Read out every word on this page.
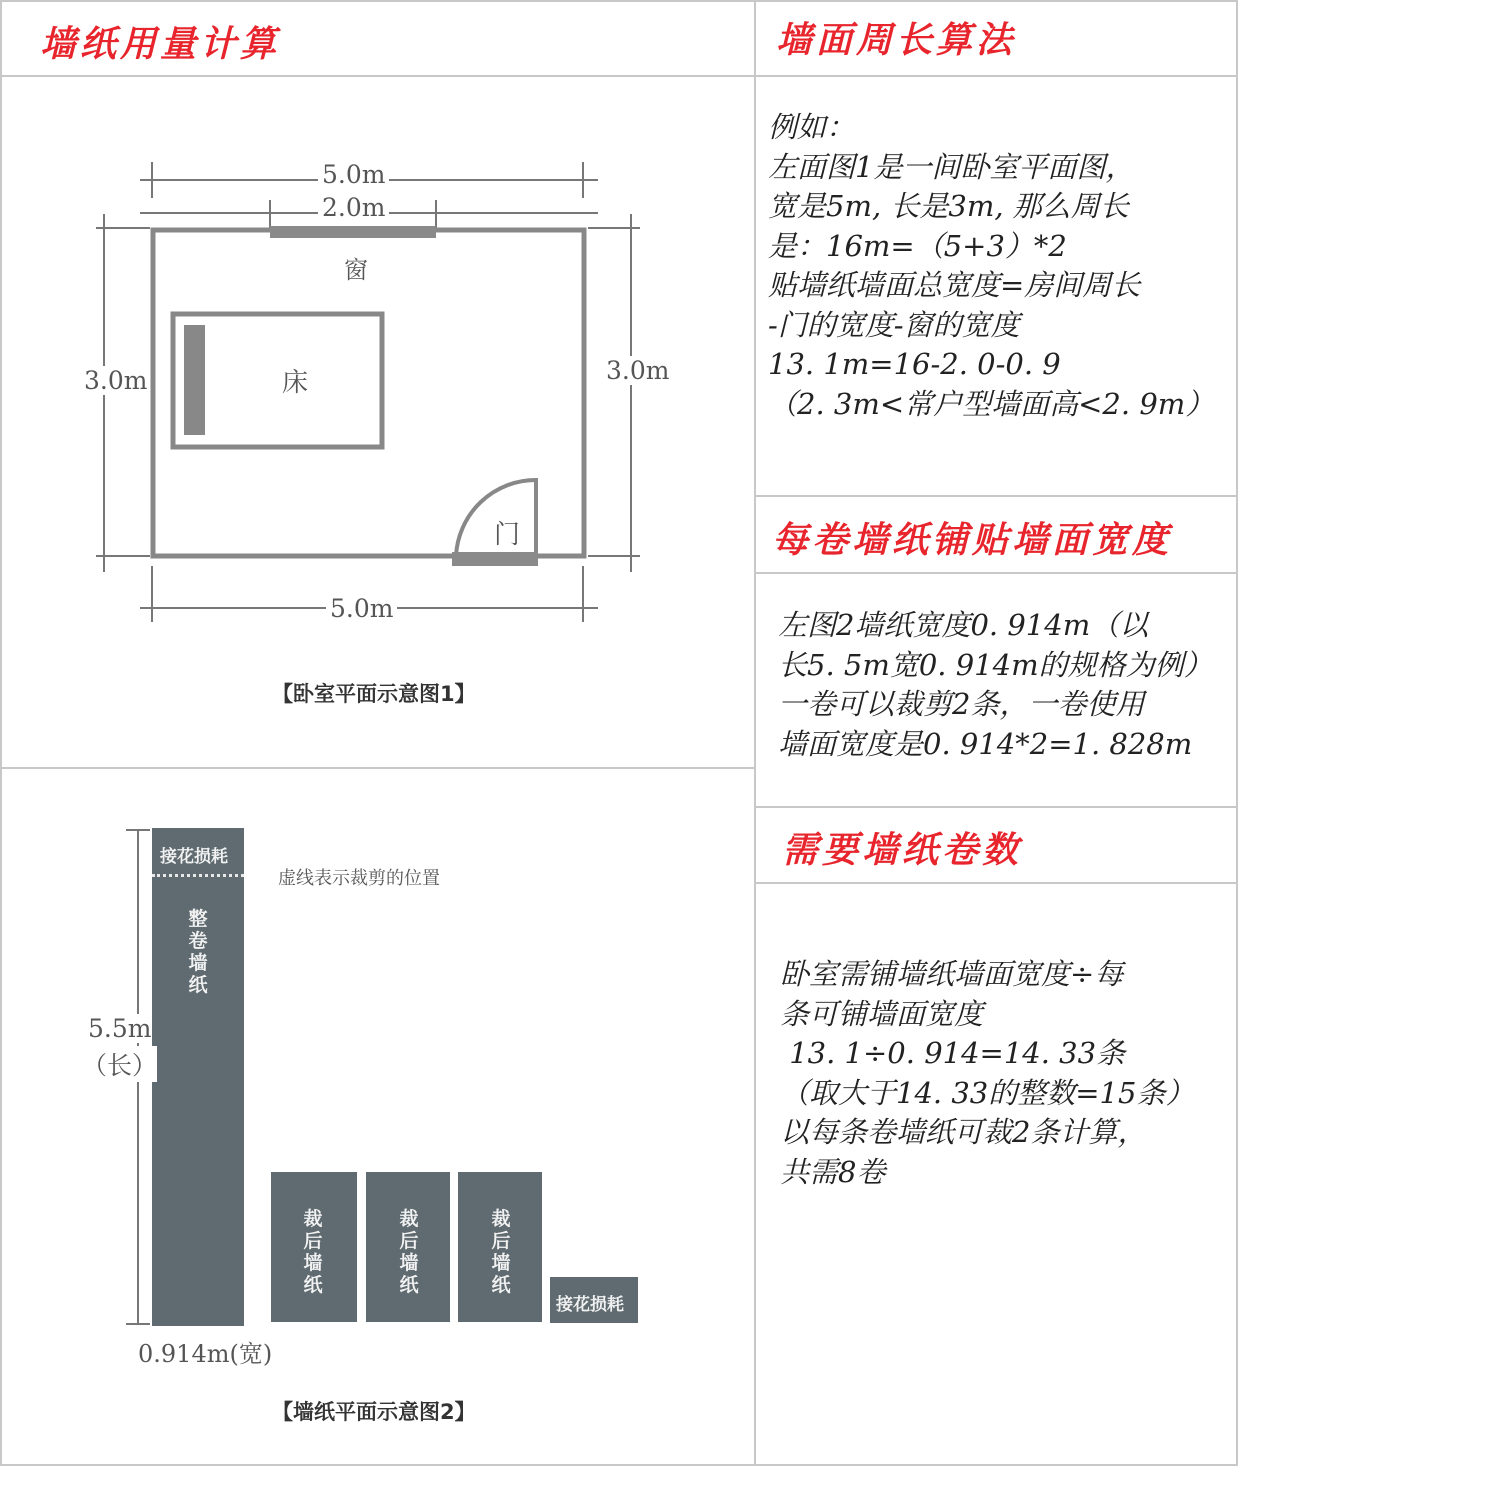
墙纸用量计算	墙面周长算法
每卷墙纸铺贴墙面宽度
需要墙纸卷数
例如：
左面图1是一间卧室平面图，
宽是5m, 长是3m, 那么周长
是：16m=（5+3）*2
贴墙纸墙面总宽度=房间周长
-门的宽度-窗的宽度
13. 1m=16-2. 0-0. 9
（2. 3m<常户型墙面高<2. 9m）
左图2墙纸宽度0. 914m（以
长5. 5m宽0. 914m的规格为例）
一卷可以裁剪2条，一卷使用
墙面宽度是0. 914*2=1. 828m
卧室需铺墙纸墙面宽度÷每
条可铺墙面宽度
13. 1÷0. 914=14. 33条
（取大于14. 33的整数=15条）
以每条卷墙纸可裁2条计算，
共需8卷
5.0m
2.0m
窗
3.0m	3.0m
床
门
5.0m
【卧室平面示意图1】
接花损耗
整卷墙纸
虚线表示裁剪的位置
5.5m
（长）
裁后墙纸
裁后墙纸
裁后墙纸
接花损耗
0.914m(宽)
【墙纸平面示意图2】
